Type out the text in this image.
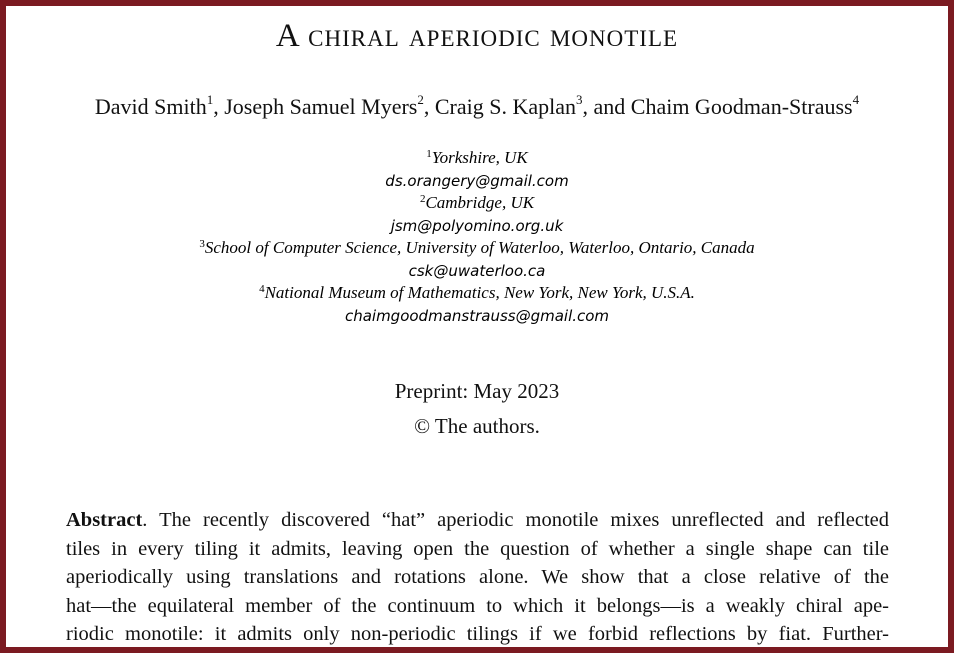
A chiral aperiodic monotile
David Smith$^1$, Joseph Samuel Myers$^2$, Craig S. Kaplan$^3$, and Chaim Goodman-Strauss$^4$
$^1$Yorkshire, UK
ds.orangery@gmail.com
$^2$Cambridge, UK
jsm@polyomino.org.uk
$^3$School of Computer Science, University of Waterloo, Waterloo, Ontario, Canada
csk@uwaterloo.ca
$^4$National Museum of Mathematics, New York, New York, U.S.A.
chaimgoodmanstrauss@gmail.com
Preprint: May 2023
© The authors.
Abstract. The recently discovered “hat” aperiodic monotile mixes unreflected and reflected
tiles in every tiling it admits, leaving open the question of whether a single shape can tile
aperiodically using translations and rotations alone. We show that a close relative of the
hat—the equilateral member of the continuum to which it belongs—is a weakly chiral ape-
riodic monotile: it admits only non-periodic tilings if we forbid reflections by fiat. Further-
